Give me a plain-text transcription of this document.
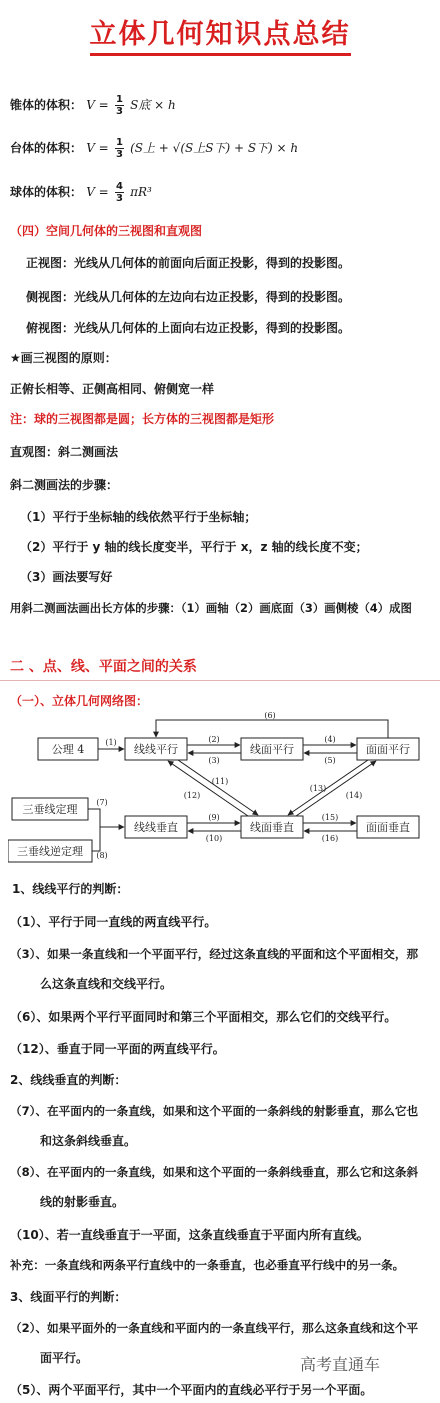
立体几何知识点总结
锥体的体积： $V = \frac{1}{3}$ S底 × h
台体的体积： $V = \frac{1}{3} (S$上 + √(S上S下) + S下) × h
球体的体积： $V = \frac{4}{3} \pi R^3$
（四）空间几何体的三视图和直观图
正视图：光线从几何体的前面向后面正投影，得到的投影图。
侧视图：光线从几何体的左边向右边正投影，得到的投影图。
俯视图：光线从几何体的上面向右边正投影，得到的投影图。
★画三视图的原则：
正俯长相等、正侧高相同、俯侧宽一样
注：球的三视图都是圆；长方体的三视图都是矩形
直观图：斜二测画法
斜二测画法的步骤：
（1）平行于坐标轴的线依然平行于坐标轴；
（2）平行于 y 轴的线长度变半，平行于 x，z 轴的线长度不变；
（3）画法要写好
用斜二测画法画出长方体的步骤：（1）画轴（2）画底面（3）画侧棱（4）成图
二 、点、线、平面之间的关系
（一）、立体几何网络图：
公理 4	线线平行	线面平行	面面平行
三垂线定理
三垂线逆定理
线线垂直	线面垂直	面面垂直
(1)	(2)
(3)
(4)
(5)
(6)
(7)
(8)
(9)
(10)
(11)
(12)
(13)
(14)
(15)
(16)
1、线线平行的判断：
（1）、平行于同一直线的两直线平行。
（3）、如果一条直线和一个平面平行，经过这条直线的平面和这个平面相交，那
么这条直线和交线平行。
（6）、如果两个平行平面同时和第三个平面相交，那么它们的交线平行。
（12）、垂直于同一平面的两直线平行。
2、线线垂直的判断：
（7）、在平面内的一条直线，如果和这个平面的一条斜线的射影垂直，那么它也
和这条斜线垂直。
（8）、在平面内的一条直线，如果和这个平面的一条斜线垂直，那么它和这条斜
线的射影垂直。
（10）、若一直线垂直于一平面，这条直线垂直于平面内所有直线。
补充：一条直线和两条平行直线中的一条垂直，也必垂直平行线中的另一条。
3、线面平行的判断：
（2）、如果平面外的一条直线和平面内的一条直线平行，那么这条直线和这个平
面平行。
（5）、两个平面平行，其中一个平面内的直线必平行于另一个平面。
高考直通车
